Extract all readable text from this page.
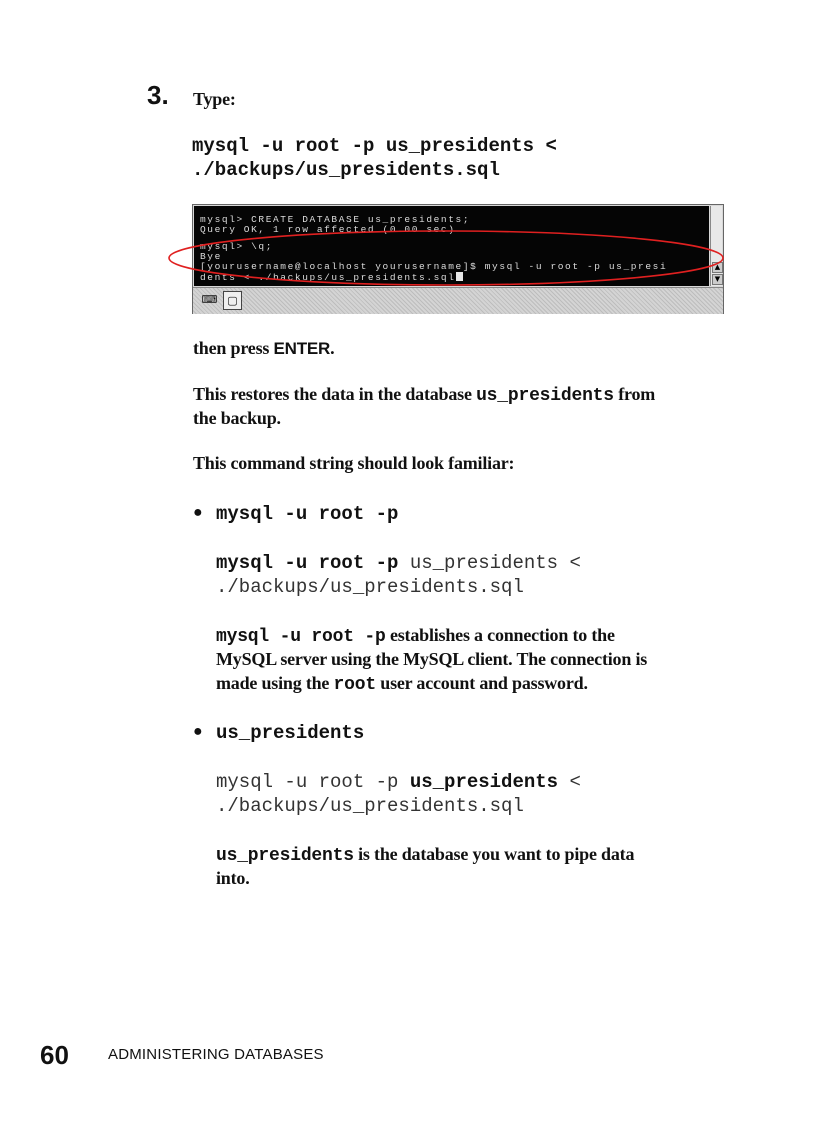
3. Type:
mysql -u root -p us_presidents <
./backups/us_presidents.sql
mysql> CREATE DATABASE us_presidents;
Query OK, 1 row affected (0.00 sec)
mysql> \q;
Bye
[yourusername@localhost yourusername]$ mysql -u root -p us_presi
dents < ./backups/us_presidents.sql
▲
▼
⌨ ▢
then press ENTER.
This restores the data in the database us_presidents from
the backup.
This command string should look familiar:
● mysql -u root -p
mysql -u root -p us_presidents <
./backups/us_presidents.sql
mysql -u root -p establishes a connection to the
MySQL server using the MySQL client. The connection is
made using the root user account and password.
● us_presidents
mysql -u root -p us_presidents <
./backups/us_presidents.sql
us_presidents is the database you want to pipe data
into.
60	ADMINISTERING DATABASES
